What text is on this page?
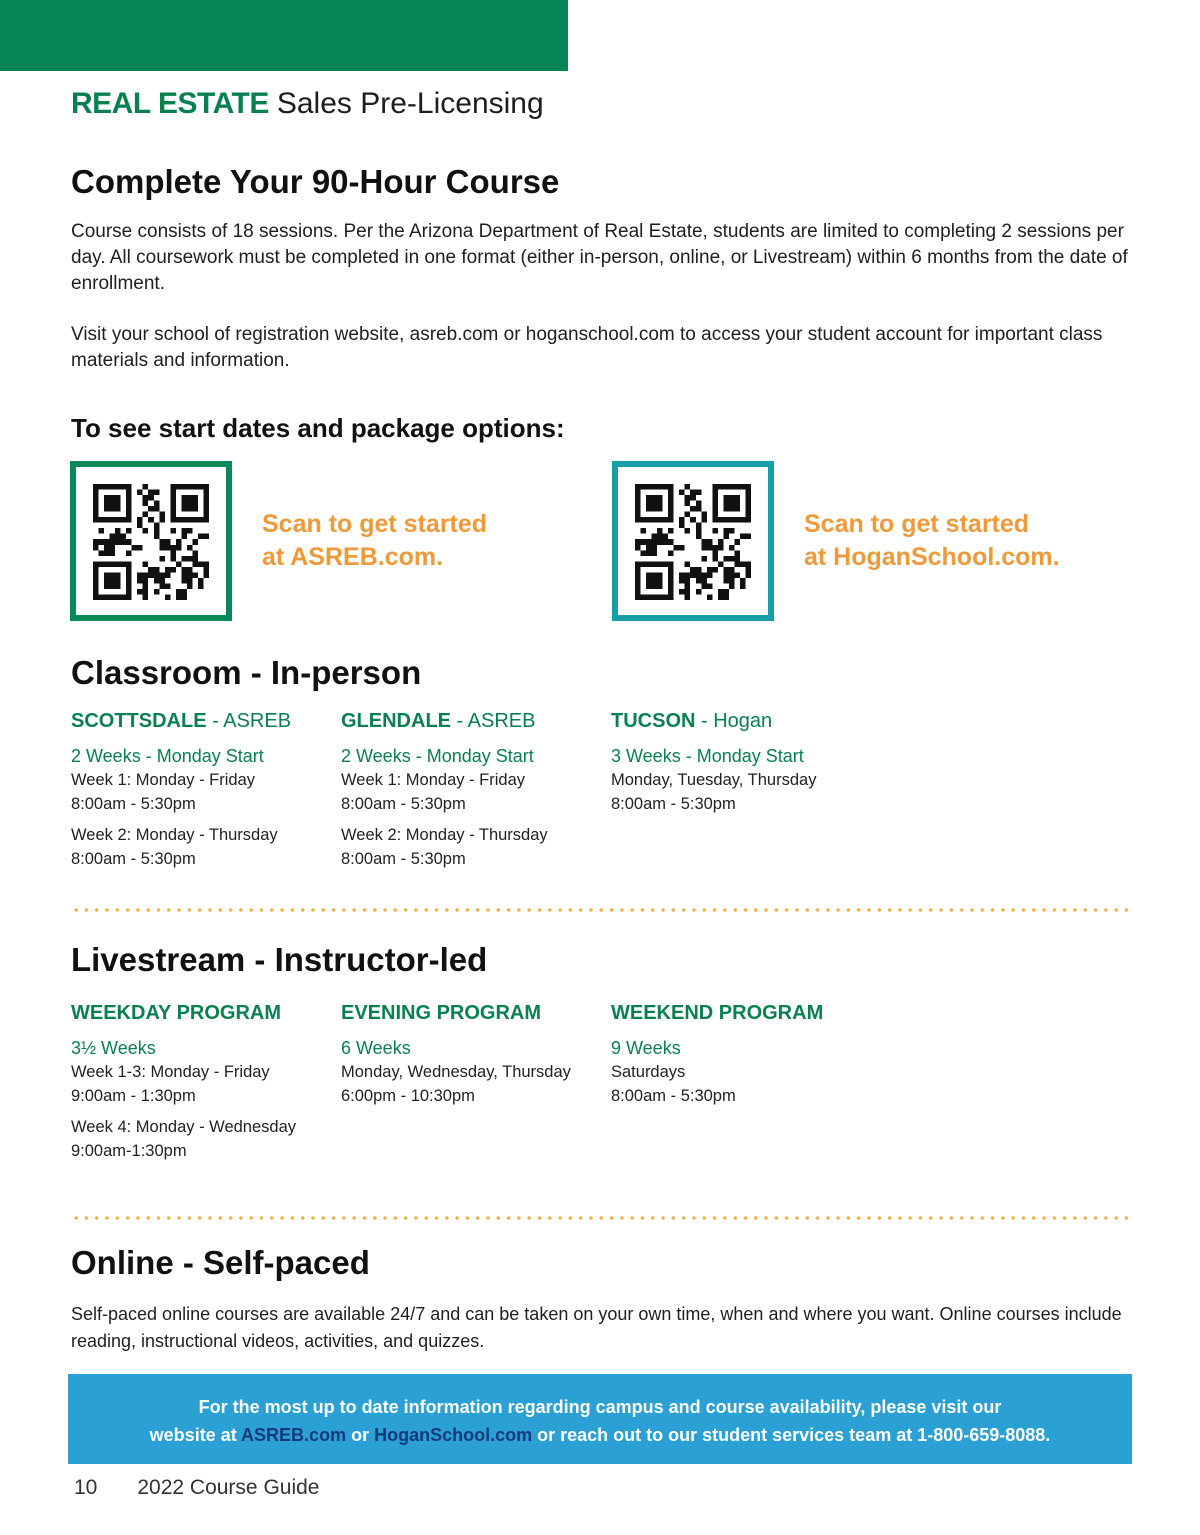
REAL ESTATE Sales Pre-Licensing
Complete Your 90-Hour Course

Course consists of 18 sessions. Per the Arizona Department of Real Estate, students are limited to completing 2 sessions per day. All coursework must be completed in one format (either in-person, online, or Livestream) within 6 months from the date of enrollment.

Visit your school of registration website, asreb.com or hoganschool.com to access your student account for important class materials and information.

To see start dates and package options:
Scan to get started
at ASREB.com.
Scan to get started
at HoganSchool.com.
Classroom - In-person
SCOTTSDALE - ASREB
2 Weeks - Monday Start
Week 1: Monday - Friday
8:00am - 5:30pm
Week 2: Monday - Thursday
8:00am - 5:30pm
GLENDALE - ASREB
2 Weeks - Monday Start
Week 1: Monday - Friday
8:00am - 5:30pm
Week 2: Monday - Thursday
8:00am - 5:30pm
TUCSON - Hogan
3 Weeks - Monday Start
Monday, Tuesday, Thursday
8:00am - 5:30pm
Livestream - Instructor-led
WEEKDAY PROGRAM
3½ Weeks
Week 1-3: Monday - Friday
9:00am - 1:30pm
Week 4: Monday - Wednesday
9:00am-1:30pm
EVENING PROGRAM
6 Weeks
Monday, Wednesday, Thursday
6:00pm - 10:30pm
WEEKEND PROGRAM
9 Weeks
Saturdays
8:00am - 5:30pm
Online - Self-paced

Self-paced online courses are available 24/7 and can be taken on your own time, when and where you want. Online courses include reading, instructional videos, activities, and quizzes.

For the most up to date information regarding campus and course availability, please visit our
website at ASREB.com or HoganSchool.com or reach out to our student services team at 1-800-659-8088.
10 2022 Course Guide
